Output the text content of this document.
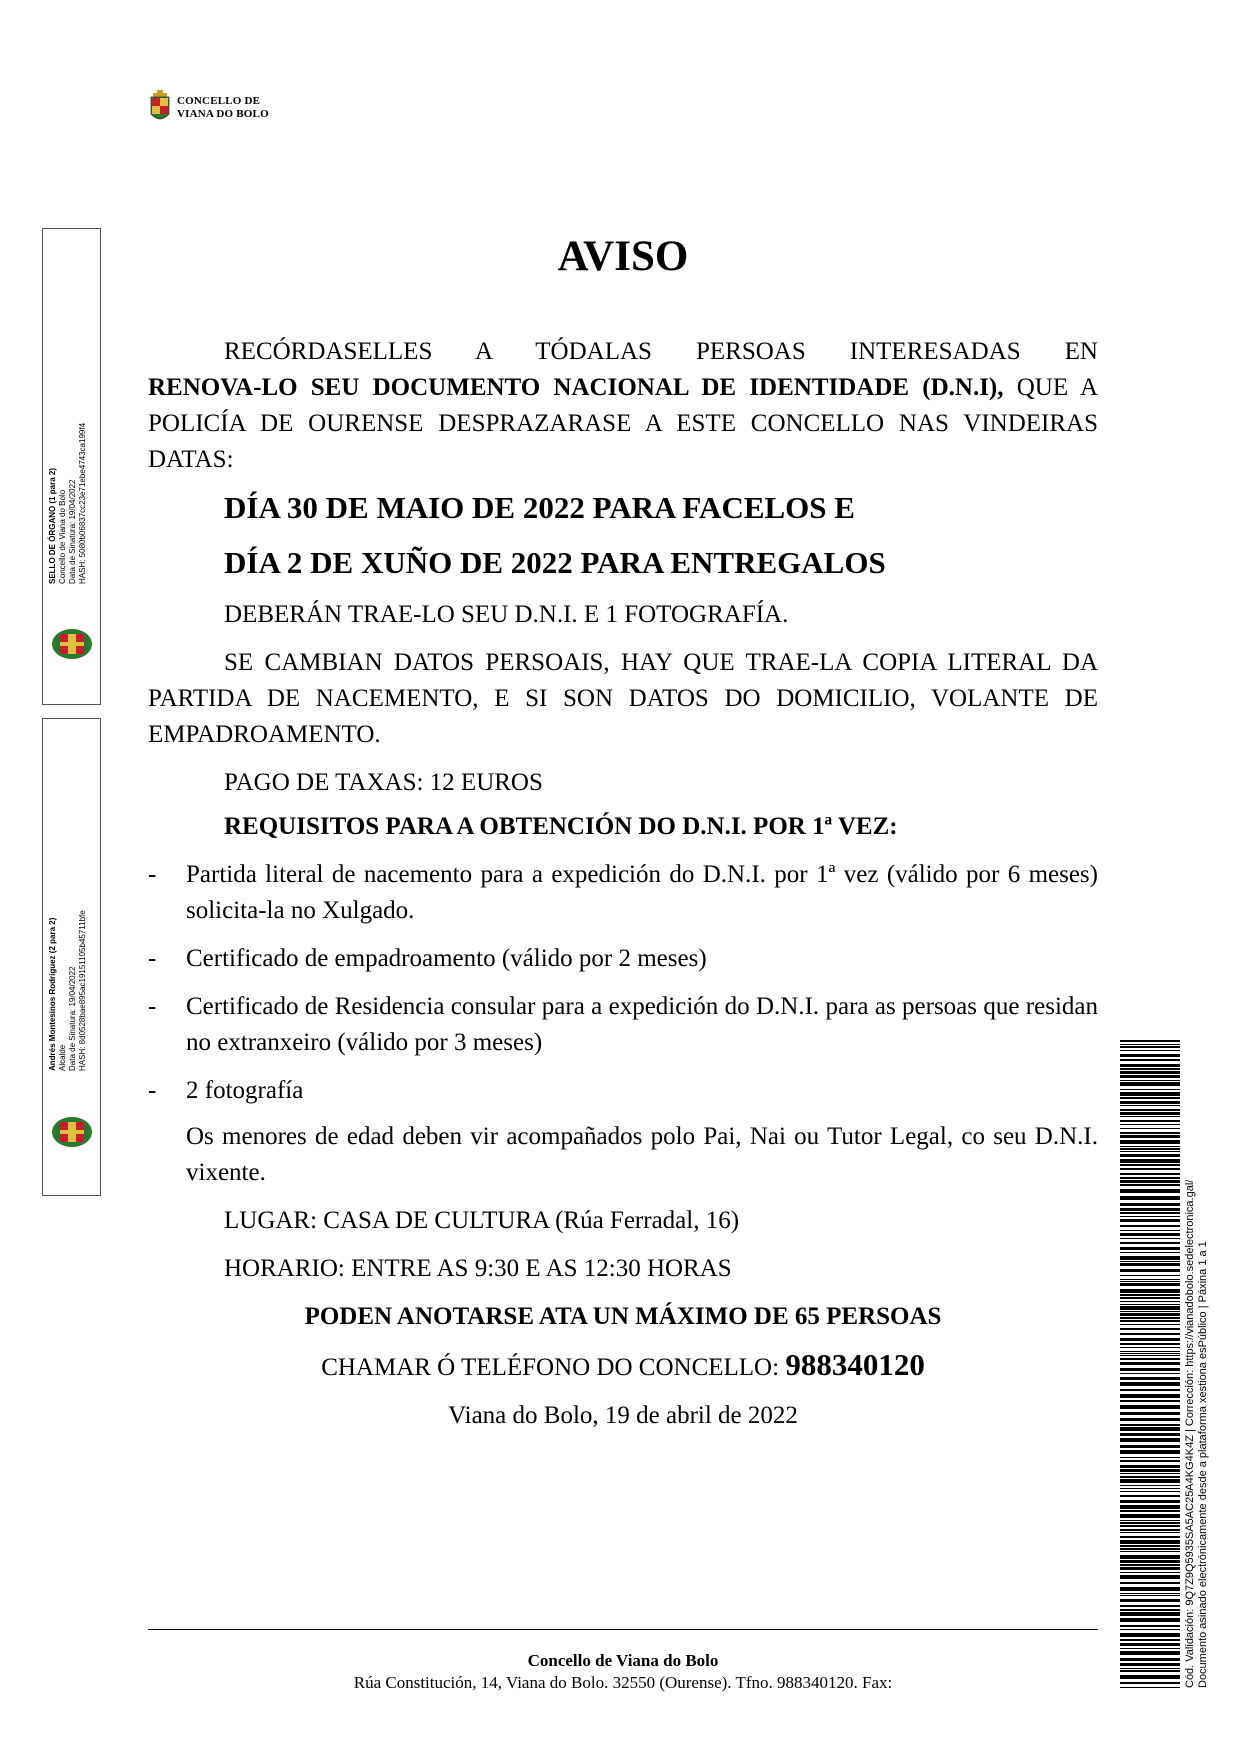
CONCELLO DE
VIANA DO BOLO
SELLO DE ÓRGANO (1 para 2) Concello de Viana do Bolo Data de Sinatura: 19/04/2022 HASH: 5080b06837cc23e71ebe4743ca199f4
Andrés Montesinos Rodríguez (2 para 2) Alcalde Data de Sinatura: 19/04/2022 HASH: 8d0528bae895ac1915110​5b45711bfe
AVISO

RECÓRDASELLES A TÓDALAS PERSOAS INTERESADAS EN

RENOVA-LO SEU DOCUMENTO NACIONAL DE IDENTIDADE (D.N.I), QUE A POLICÍA DE OURENSE DESPRAZARASE A ESTE CONCELLO NAS VINDEIRAS DATAS:

DÍA 30 DE MAIO DE 2022 PARA FACELOS E
DÍA 2 DE XUÑO DE 2022 PARA ENTREGALOS

DEBERÁN TRAE-LO SEU D.N.I. E 1 FOTOGRAFÍA.

SE CAMBIAN DATOS PERSOAIS, HAY QUE TRAE-LA COPIA LITERAL DA PARTIDA DE NACEMENTO, E SI SON DATOS DO DOMICILIO, VOLANTE DE EMPADROAMENTO.

PAGO DE TAXAS: 12 EUROS

REQUISITOS PARA A OBTENCIÓN DO D.N.I. POR 1ª VEZ:

- Partida literal de nacemento para a expedición do D.N.I. por 1ª vez (válido por 6 meses) solicita-la no Xulgado.
- Certificado de empadroamento (válido por 2 meses)
- Certificado de Residencia consular para a expedición do D.N.I. para as persoas que residan no extranxeiro (válido por 3 meses)
- 2 fotografía

Os menores de edad deben vir acompañados polo Pai, Nai ou Tutor Legal, co seu D.N.I. vixente.

LUGAR: CASA DE CULTURA (Rúa Ferradal, 16)

HORARIO: ENTRE AS 9:30 E AS 12:30 HORAS

PODEN ANOTARSE ATA UN MÁXIMO DE 65 PERSOAS

CHAMAR Ó TELÉFONO DO CONCELLO: 988340120

Viana do Bolo, 19 de abril de 2022

Concello de Viana do Bolo
Rúa Constitución, 14, Viana do Bolo. 32550 (Ourense). Tfno. 988340120. Fax:	Cód. Validación: 9Q7Z9Q5935SA5AC25A4KG4K4Z | Corrección: https://vianadobolo.sedelectronica.gal/ Documento asinado electrónicamente desde a plataforma xestiona esPúblico | Páxina 1 a 1
